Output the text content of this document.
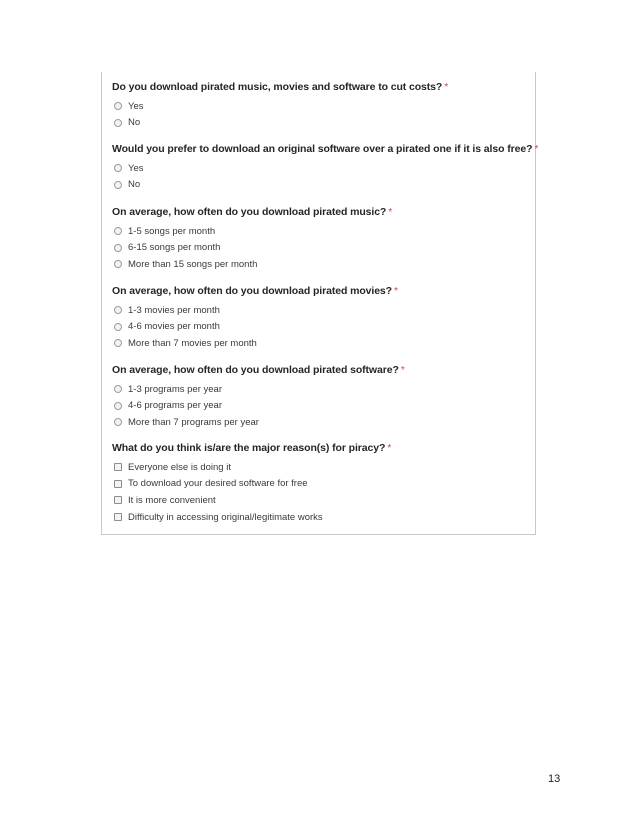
Do you download pirated music, movies and software to cut costs? *
Yes
No
Would you prefer to download an original software over a pirated one if it is also free? *
Yes
No
On average, how often do you download pirated music? *
1-5 songs per month
6-15 songs per month
More than 15 songs per month
On average, how often do you download pirated movies? *
1-3 movies per month
4-6 movies per month
More than 7 movies per month
On average, how often do you download pirated software? *
1-3 programs per year
4-6 programs per year
More than 7 programs per year
What do you think is/are the major reason(s) for piracy? *
Everyone else is doing it
To download your desired software for free
It is more convenient
Difficulty in accessing original/legitimate works
13
